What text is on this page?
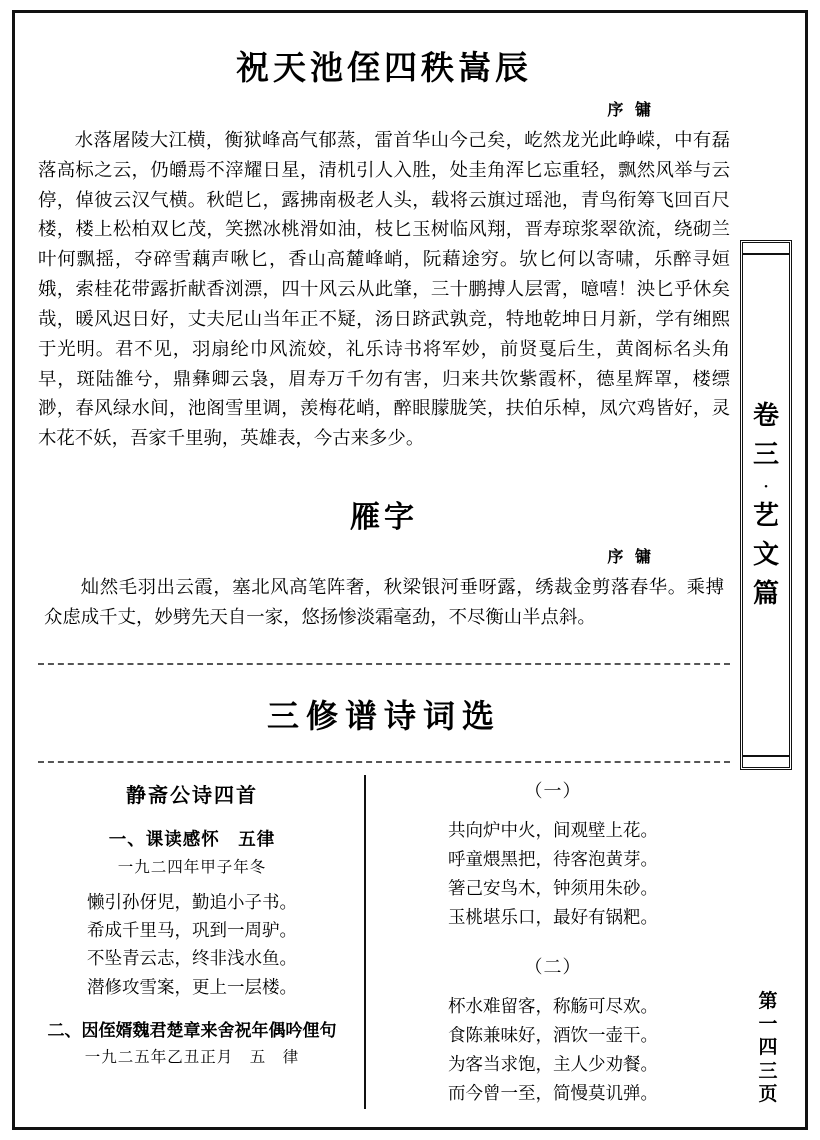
祝天池侄四秩嵩辰
序 镛
水落屠陵大江横，衡狱峰高气郁蒸，雷首华山今己矣，屹然龙光此峥嵘，中有磊落高标之云，仍皭焉不滓耀日星，清机引人入胜，处圭角浑匕忘重轻，飘然风举与云停，倬彼云汉气横。秋皑匕，露拂南极老人头，载将云旗过瑶池，青鸟衔筹飞回百尺楼，楼上松柏双匕茂，笑撚冰桃滑如油，枝匕玉树临风翔，晋寿琼浆翠欲流，绕砌兰叶何飘摇，夺碎雪藕声啾匕，香山高麓峰峭，阮藉途穷。欤匕何以寄啸，乐醉寻姮娥，索桂花带露折献香浏漂，四十风云从此肇，三十鹏搏人层霄，噫嘻！泱匕乎休矣哉，暖风迟日好，丈夫尼山当年正不疑，汤日跻武孰竞，特地乾坤日月新，学有缃熙于光明。君不见，羽扇纶巾风流姣，礼乐诗书将军妙，前贤戛后生，黄阁标名头角早，斑陆雒兮，鼎彝卿云袅，眉寿万千勿有害，归来共饮紫霞杯，德星辉罩，楼缥渺，春风绿水间，池阁雪里调，羡梅花峭，醉眼朦胧笑，扶伯乐棹，凤穴鸡皆好，灵木花不妖，吾家千里驹，英雄表，今古来多少。
雁字
序 镛
灿然毛羽出云霞，塞北风高笔阵奢，秋梁银河垂呀露，绣裁金剪落春华。乘搏众虑成千丈，妙劈先天自一家，悠扬惨淡霜毫劲，不尽衡山半点斜。
三修谱诗词选
静斋公诗四首
一、课读感怀　五律
一九二四年甲子年冬
懒引孙伢児，勤追小子书。
希成千里马，巩到一周驴。
不坠青云志，终非浅水鱼。
潜修攻雪案，更上一层楼。
二、因侄婿魏君楚章来舍祝年偶吟俚句
一九二五年乙丑正月　五　律
（一）
共向炉中火，间观壁上花。
呼童煨黑把，待客泡黄芽。
箸己安鸟木，钟须用朱砂。
玉桃堪乐口，最好有锅粑。
（二）
杯水难留客，称觞可尽欢。
食陈兼味好，酒饮一壶干。
为客当求饱，主人少劝餐。
而今曾一至，简慢莫讥弹。
卷
三
·
艺
文
篇
第
一
四
三
页
